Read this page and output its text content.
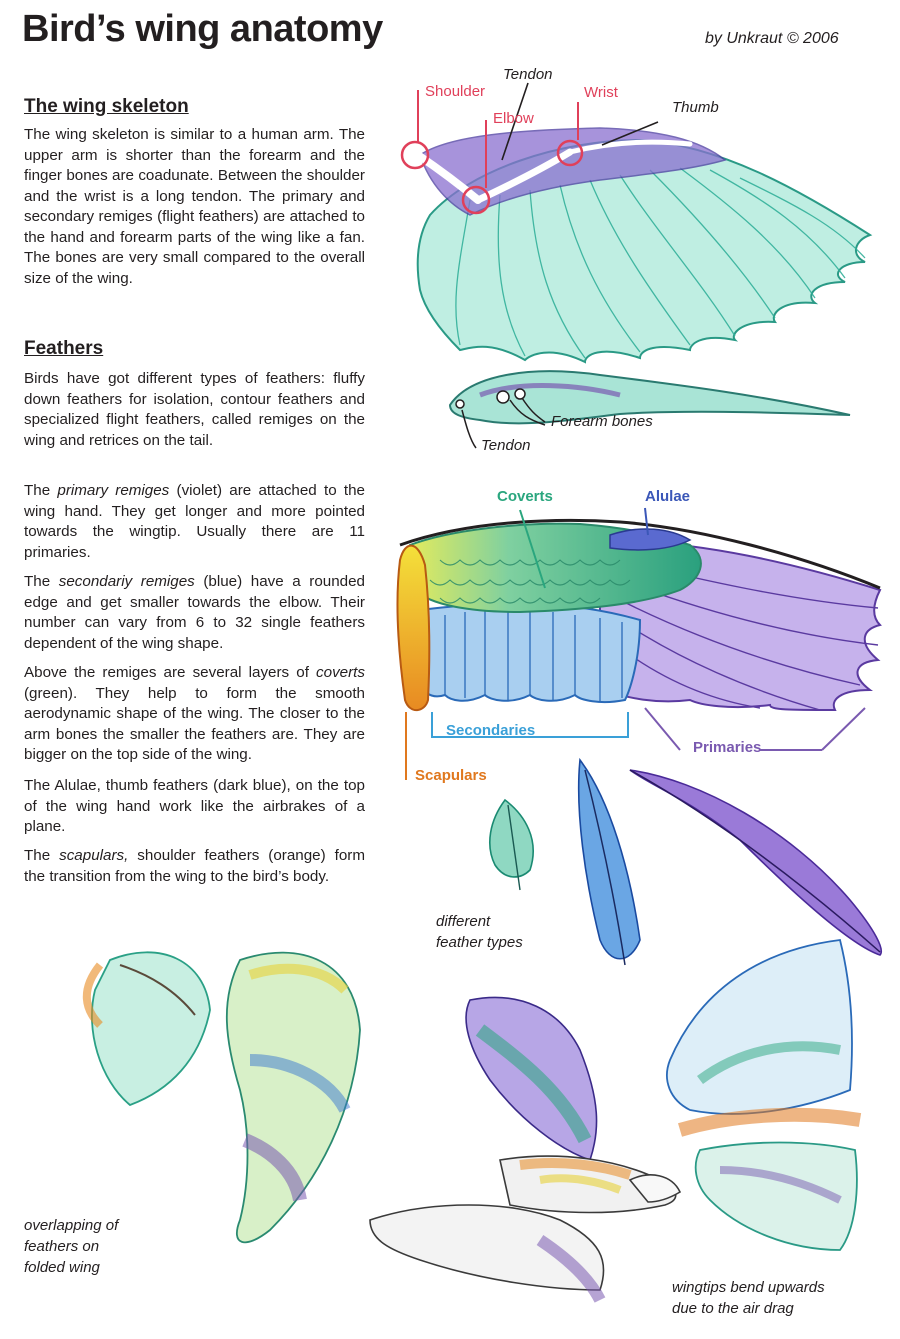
Bird’s wing anatomy	by Unkraut © 2006
The wing skeleton

The wing skeleton is similar to a human arm. The upper arm is shorter than the forearm and the finger bones are coadunate. Between the shoulder and the wrist is a long tendon. The primary and secondary remiges (flight feathers) are attached to the hand and forearm parts of the wing like a fan. The bones are very small compared to the overall size of the wing.

Feathers

Birds have got different types of feathers: fluffy down feathers for isolation, contour feathers and specialized flight feathers, called remiges on the wing and retrices on the tail.

The primary remiges (violet) are attached to the wing hand. They get longer and more pointed towards the wingtip. Usually there are 11 primaries.

The secondariy remiges (blue) have a rounded edge and get smaller towards the elbow. Their number can vary from 6 to 32 single feathers dependent of the wing shape.

Above the remiges are several layers of coverts (green). They help to form the smooth aerodynamic shape of the wing. The closer to the arm bones the smaller the feathers are. They are bigger on the top side of the wing.

The Alulae, thumb feathers (dark blue), on the top of the wing hand work like the airbrakes of a plane.

The scapulars, shoulder feathers (orange) form the transition from the wing to the bird’s body.

Shoulder
Tendon
Wrist
Elbow
Thumb
Forearm bones
Tendon
Coverts	Alulae
Secondaries
Primaries
Scapulars
different
feather types
overlapping of
feathers on
folded wing
wingtips bend upwards
due to the air drag
